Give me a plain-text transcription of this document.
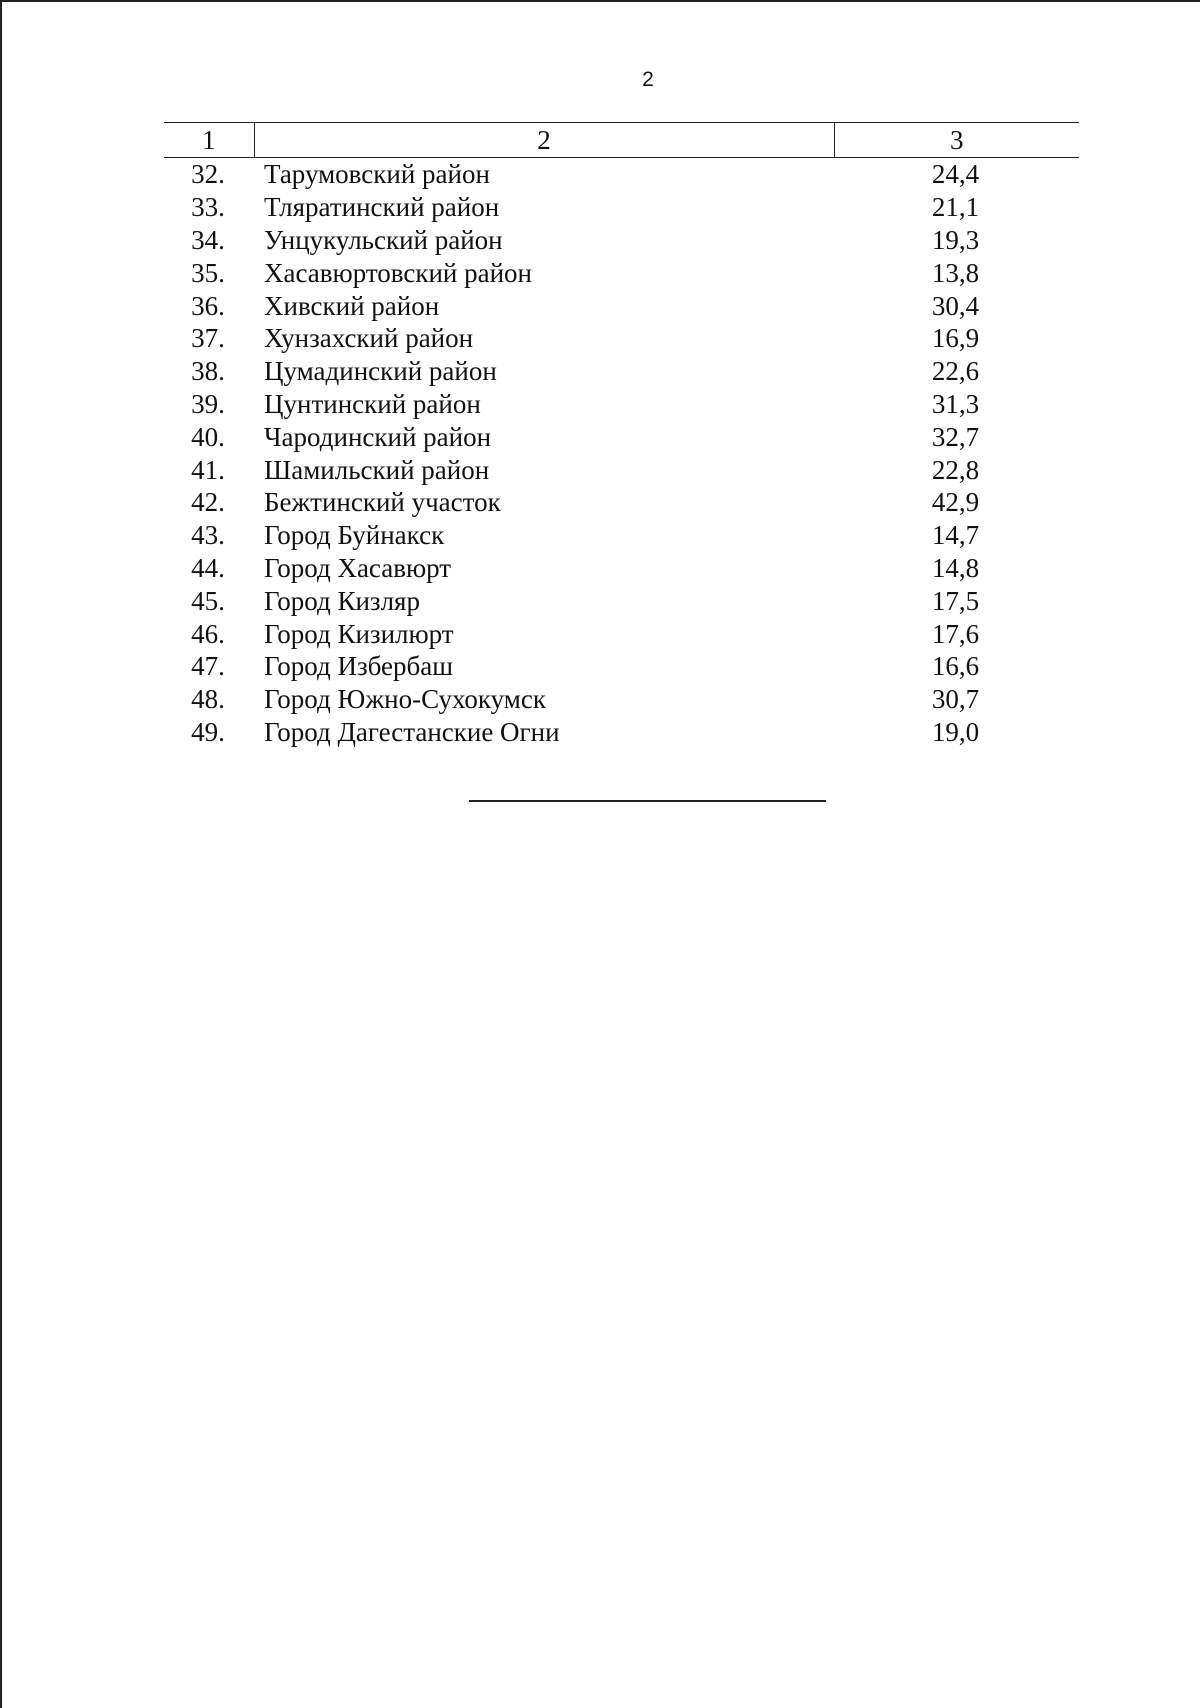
2
1	2	3
32.	Тарумовский район	24,4
33.	Тляратинский район	21,1
34.	Унцукульский район	19,3
35.	Хасавюртовский район	13,8
36.	Хивский район	30,4
37.	Хунзахский район	16,9
38.	Цумадинский район	22,6
39.	Цунтинский район	31,3
40.	Чародинский район	32,7
41.	Шамильский район	22,8
42.	Бежтинский участок	42,9
43.	Город Буйнакск	14,7
44.	Город Хасавюрт	14,8
45.	Город Кизляр	17,5
46.	Город Кизилюрт	17,6
47.	Город Избербаш	16,6
48.	Город Южно-Сухокумск	30,7
49.	Город Дагестанские Огни	19,0
